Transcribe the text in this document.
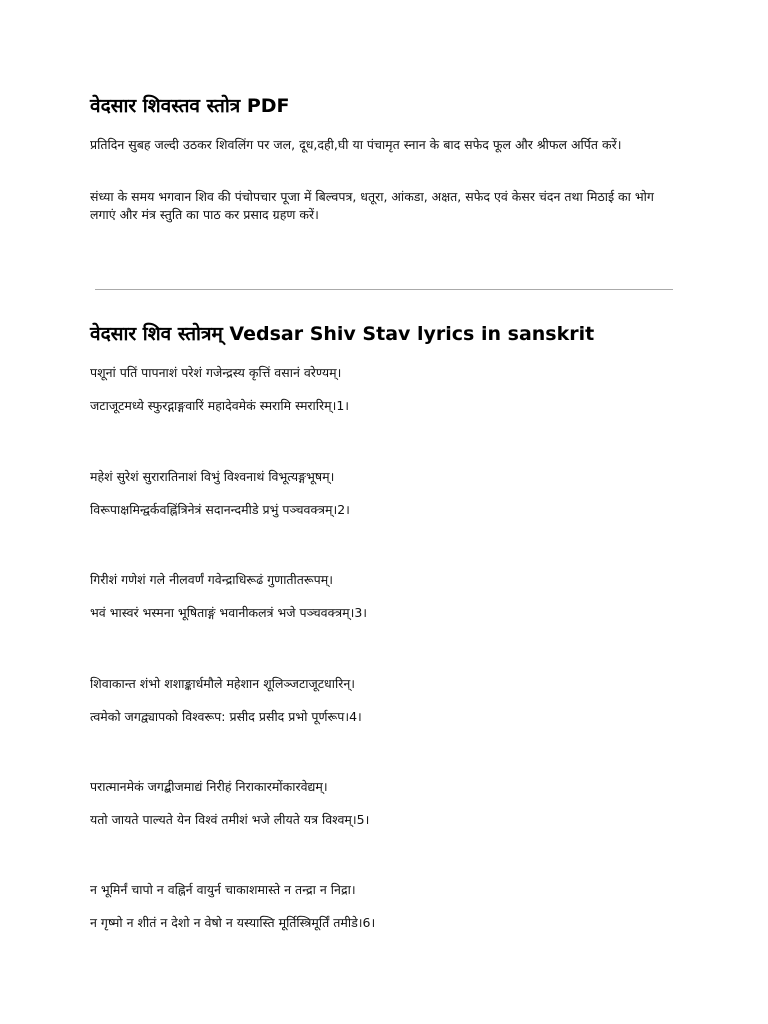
वेदसार शिवस्तव स्तोत्र PDF

प्रतिदिन सुबह जल्दी उठकर शिवलिंग पर जल, दूध,दही,घी या पंचामृत स्नान के बाद सफेद फूल और श्रीफल अर्पित करें।

संध्या के समय भगवान शिव की पंचोपचार पूजा में बिल्वपत्र, धतूरा, आंकडा, अक्षत, सफेद एवं केसर चंदन तथा मिठाई का भोग लगाएं और मंत्र स्तुति का पाठ कर प्रसाद ग्रहण करें।

वेदसार शिव स्तोत्रम् Vedsar Shiv Stav lyrics in sanskrit

पशूनां पतिं पापनाशं परेशं गजेन्द्रस्य कृत्तिं वसानं वरेण्यम्।

जटाजूटमध्ये स्फुरद्गाङ्गवारिं महादेवमेकं स्मरामि स्मरारिम्।1।

महेशं सुरेशं सुरारातिनाशं विभुं विश्वनाथं विभूत्यङ्गभूषम्।

विरूपाक्षमिन्द्वर्कवह्निंत्रिनेत्रं सदानन्दमीडे प्रभुं पञ्चवक्त्रम्।2।

गिरीशं गणेशं गले नीलवर्णं गवेन्द्राधिरूढं गुणातीतरूपम्।

भवं भास्वरं भस्मना भूषिताङ्गं भवानीकलत्रं भजे पञ्चवक्त्रम्।3।

शिवाकान्त शंभो शशाङ्कार्धमौले महेशान शूलिञ्जटाजूटधारिन्।

त्वमेको जगद्व्यापको विश्वरूप: प्रसीद प्रसीद प्रभो पूर्णरूप।4।

परात्मानमेकं जगद्बीजमाद्यं निरीहं निराकारमोंकारवेद्यम्।

यतो जायते पाल्यते येन विश्वं तमीशं भजे लीयते यत्र विश्वम्।5।

न भूमिर्नं चापो न वह्निर्न वायुर्न चाकाशमास्ते न तन्द्रा न निद्रा।

न गृष्मो न शीतं न देशो न वेषो न यस्यास्ति मूर्तिस्त्रिमूर्तिं तमीडे।6।
